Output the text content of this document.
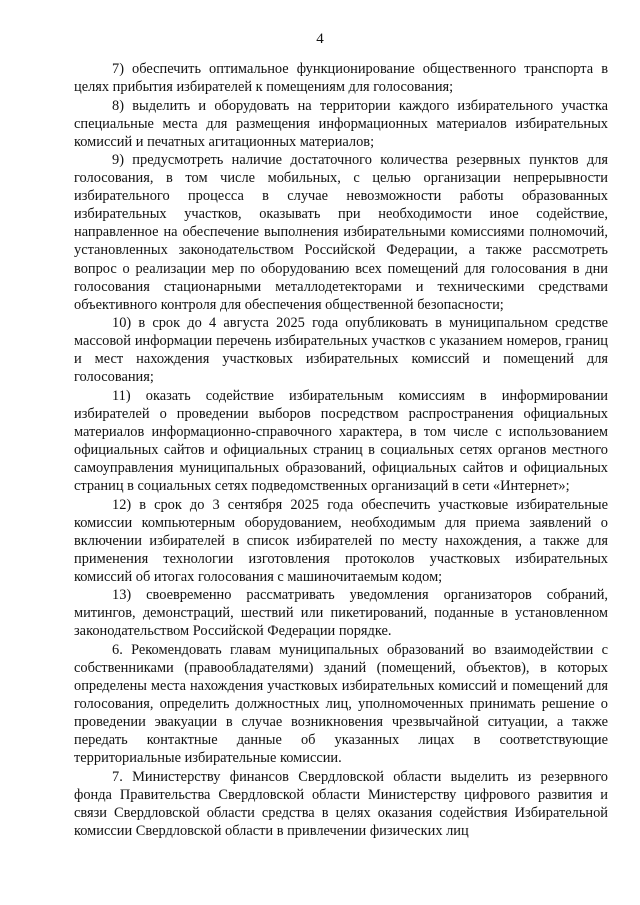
4

7) обеспечить оптимальное функционирование общественного транспорта в целях прибытия избирателей к помещениям для голосования;

8) выделить и оборудовать на территории каждого избирательного участка специальные места для размещения информационных материалов избирательных комиссий и печатных агитационных материалов;

9) предусмотреть наличие достаточного количества резервных пунктов для голосования, в том числе мобильных, с целью организации непрерывности избирательного процесса в случае невозможности работы образованных избирательных участков, оказывать при необходимости иное содействие, направленное на обеспечение выполнения избирательными комиссиями полномочий, установленных законодательством Российской Федерации, а также рассмотреть вопрос о реализации мер по оборудованию всех помещений для голосования в дни голосования стационарными металлодетекторами и техническими средствами объективного контроля для обеспечения общественной безопасности;

10) в срок до 4 августа 2025 года опубликовать в муниципальном средстве массовой информации перечень избирательных участков с указанием номеров, границ и мест нахождения участковых избирательных комиссий и помещений для голосования;

11) оказать содействие избирательным комиссиям в информировании избирателей о проведении выборов посредством распространения официальных материалов информационно-справочного характера, в том числе с использованием официальных сайтов и официальных страниц в социальных сетях органов местного самоуправления муниципальных образований, официальных сайтов и официальных страниц в социальных сетях подведомственных организаций в сети «Интернет»;

12) в срок до 3 сентября 2025 года обеспечить участковые избирательные комиссии компьютерным оборудованием, необходимым для приема заявлений о включении избирателей в список избирателей по месту нахождения, а также для применения технологии изготовления протоколов участковых избирательных комиссий об итогах голосования с машиночитаемым кодом;

13) своевременно рассматривать уведомления организаторов собраний, митингов, демонстраций, шествий или пикетирований, поданные в установленном законодательством Российской Федерации порядке.

6. Рекомендовать главам муниципальных образований во взаимодействии с собственниками (правообладателями) зданий (помещений, объектов), в которых определены места нахождения участковых избирательных комиссий и помещений для голосования, определить должностных лиц, уполномоченных принимать решение о проведении эвакуации в случае возникновения чрезвычайной ситуации, а также передать контактные данные об указанных лицах в соответствующие территориальные избирательные комиссии.

7. Министерству финансов Свердловской области выделить из резервного фонда Правительства Свердловской области Министерству цифрового развития и связи Свердловской области средства в целях оказания содействия Избирательной комиссии Свердловской области в привлечении физических лиц
